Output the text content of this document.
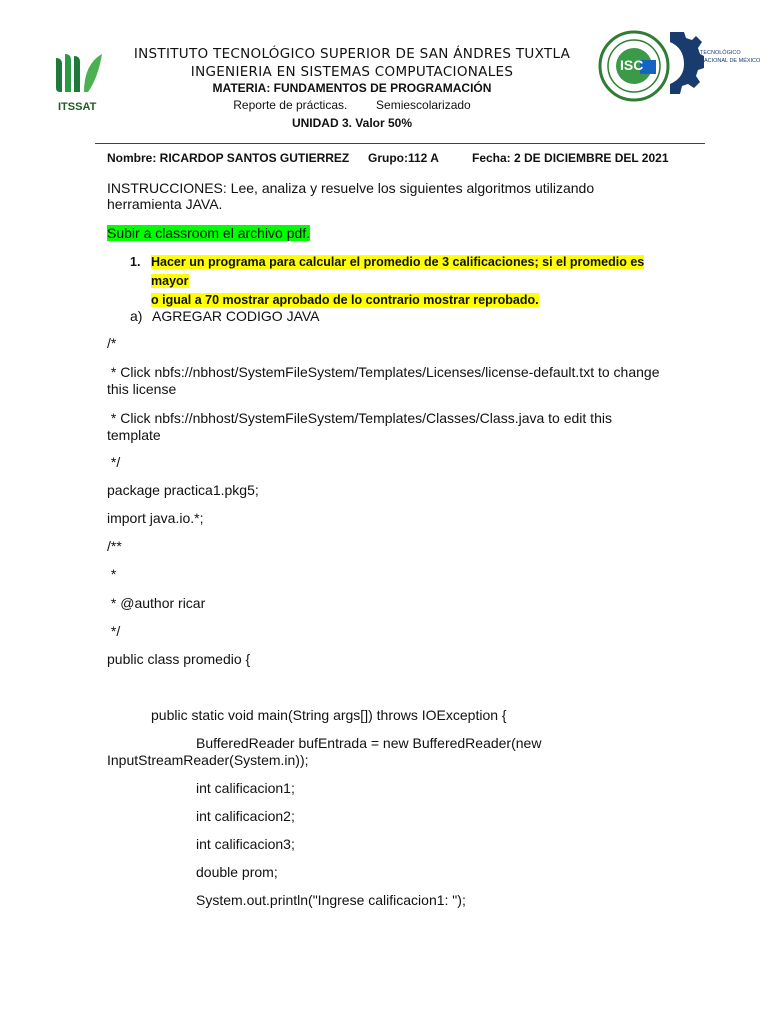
ITSSAT
INSTITUTO TECNOLÓGICO SUPERIOR DE SAN ÁNDRES TUXTLA
INGENIERIA EN SISTEMAS COMPUTACIONALES
MATERIA: FUNDAMENTOS DE PROGRAMACIÓN
Reporte de prácticas. Semiescolarizado
UNIDAD 3. Valor 50%
•
ISC
TECNOLÓGICO
NACIONAL DE MÉXICO
Nombre: RICARDOP SANTOS GUTIERREZ Grupo:112 A	Fecha: 2 DE DICIEMBRE DEL 2021
INSTRUCCIONES: Lee, analiza y resuelve los siguientes algoritmos utilizando
herramienta JAVA.
Subir a classroom el archivo pdf.
1. Hacer un programa para calcular el promedio de 3 calificaciones; si el promedio es mayor
o igual a 70 mostrar aprobado de lo contrario mostrar reprobado.
a) AGREGAR CODIGO JAVA
/*
* Click nbfs://nbhost/SystemFileSystem/Templates/Licenses/license-default.txt to change
this license
* Click nbfs://nbhost/SystemFileSystem/Templates/Classes/Class.java to edit this
template
*/
package practica1.pkg5;
import java.io.*;
/**
*
* @author ricar
*/
public class promedio {
public static void main(String args[]) throws IOException {
BufferedReader bufEntrada = new BufferedReader(new
InputStreamReader(System.in));
int calificacion1;
int calificacion2;
int calificacion3;
double prom;
System.out.println("Ingrese calificacion1: ");
